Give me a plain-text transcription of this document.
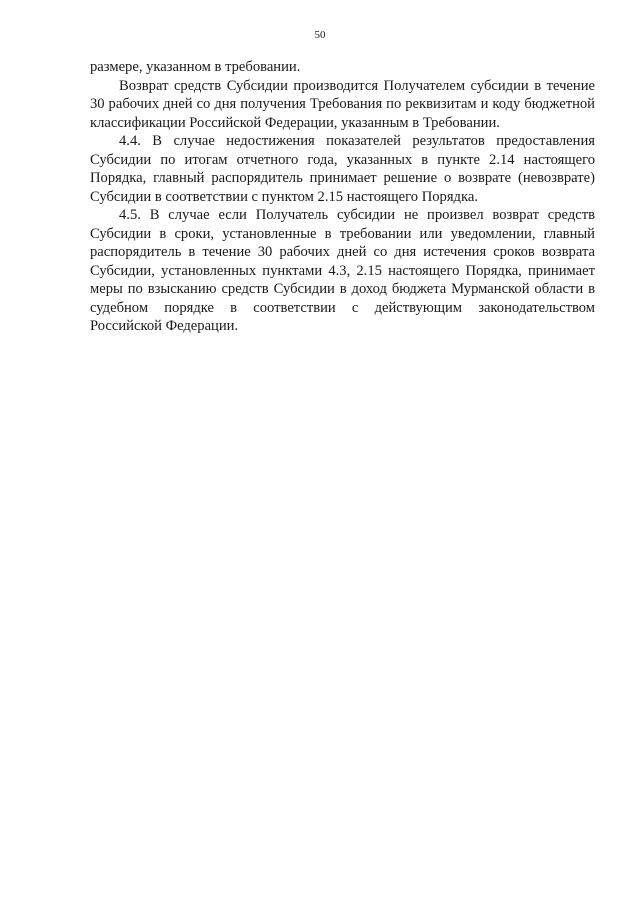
50

размере, указанном в требовании.

Возврат средств Субсидии производится Получателем субсидии в течение 30 рабочих дней со дня получения Требования по реквизитам и коду бюджетной классификации Российской Федерации, указанным в Требовании.

4.4. В случае недостижения показателей результатов предоставления Субсидии по итогам отчетного года, указанных в пункте 2.14 настоящего Порядка, главный распорядитель принимает решение о возврате (невозврате) Субсидии в соответствии с пунктом 2.15 настоящего Порядка.

4.5. В случае если Получатель субсидии не произвел возврат средств Субсидии в сроки, установленные в требовании или уведомлении, главный распорядитель в течение 30 рабочих дней со дня истечения сроков возврата Субсидии, установленных пунктами 4.3, 2.15 настоящего Порядка, принимает меры по взысканию средств Субсидии в доход бюджета Мурманской области в судебном порядке в соответствии с действующим законодательством Российской Федерации.
